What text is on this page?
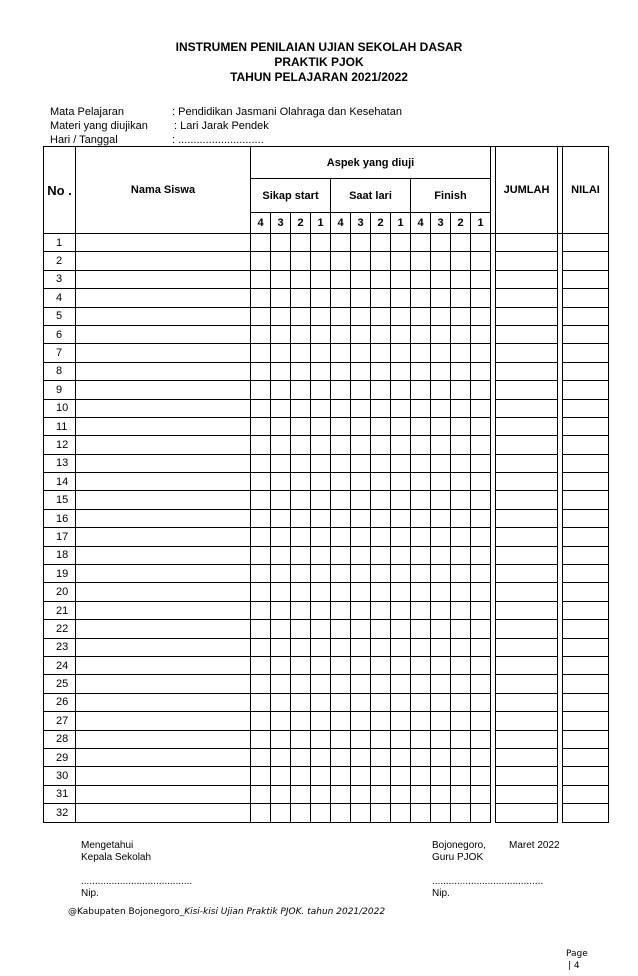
INSTRUMEN PENILAIAN UJIAN SEKOLAH DASAR
PRAKTIK PJOK
TAHUN PELAJARAN 2021/2022
Mata Pelajaran	: Pendidikan Jasmani Olahraga dan Kesehatan
Materi yang diujikan : Lari Jarak Pendek
Hari / Tanggal	: ............................
No .	Nama Siswa	Aspek yang diuji													JUMLAH		NILAI
		Sikap start				Saat lari				Finish							
		4	3	2	1	4	3	2	1	4	3	2	1				
1																	
2																	
3																	
4																	
5																	
6																	
7																	
8																	
9																	
10																	
11																	
12																	
13																	
14																	
15																	
16																	
17																	
18																	
19																	
20																	
21																	
22																	
23																	
24																	
25																	
26																	
27																	
28																	
29																	
30																	
31																	
32																	
Mengetahui
Kepala Sekolah
........................................
Nip.
Bojonegoro, Maret 2022
Guru PJOK
........................................
Nip.
@Kabupaten Bojonegoro_Kisi-kisi Ujian Praktik PJOK. tahun 2021/2022
Page
| 4
